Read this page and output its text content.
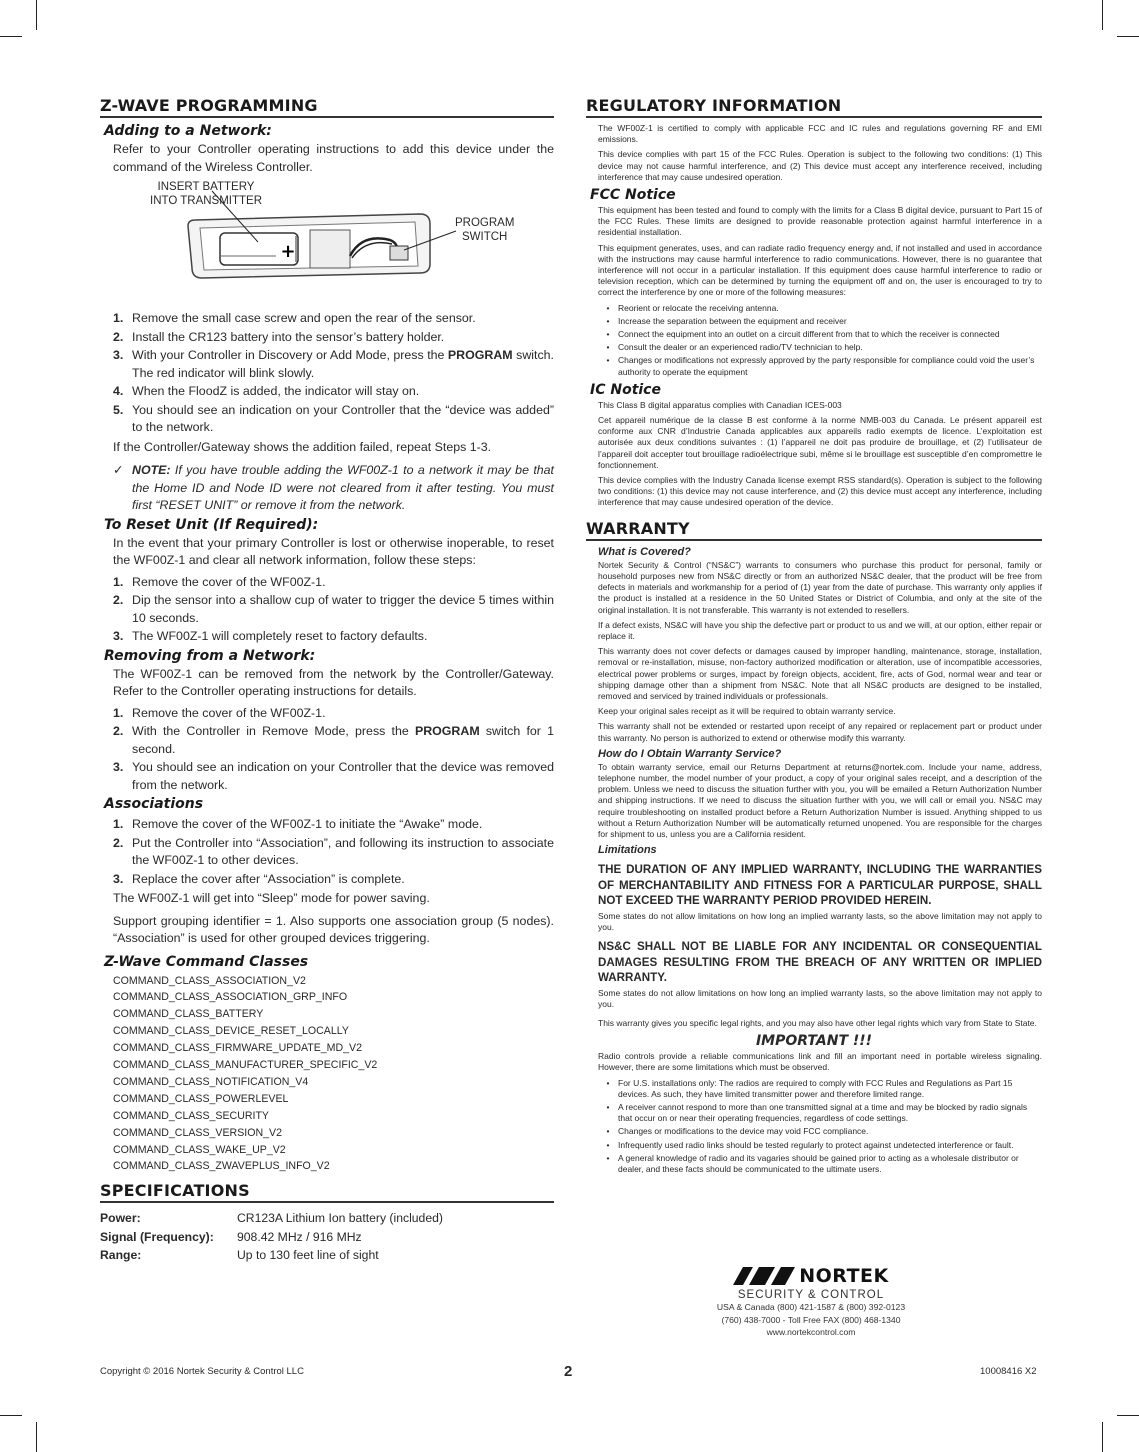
Z-WAVE PROGRAMMING
Adding to a Network:

Refer to your Controller operating instructions to add this device under the command of the Wireless Controller.

INSERT BATTERY
INTO TRANSMITTER
PROGRAM
SWITCH
+
1. Remove the small case screw and open the rear of the sensor.
2. Install the CR123 battery into the sensor’s battery holder.
3. With your Controller in Discovery or Add Mode, press the PROGRAM switch. The red indicator will blink slowly.
4. When the FloodZ is added, the indicator will stay on.
5. You should see an indication on your Controller that the “device was added” to the network.

If the Controller/Gateway shows the addition failed, repeat Steps 1-3.

✓ NOTE: If you have trouble adding the WF00Z-1 to a network it may be that the Home ID and Node ID were not cleared from it after testing. You must first “RESET UNIT” or remove it from the network.
To Reset Unit (If Required):

In the event that your primary Controller is lost or otherwise inoperable, to reset the WF00Z-1 and clear all network information, follow these steps:

1. Remove the cover of the WF00Z-1.
2. Dip the sensor into a shallow cup of water to trigger the device 5 times within 10 seconds.
3. The WF00Z-1 will completely reset to factory defaults.
Removing from a Network:

The WF00Z-1 can be removed from the network by the Controller/Gateway. Refer to the Controller operating instructions for details.

1. Remove the cover of the WF00Z-1.
2. With the Controller in Remove Mode, press the PROGRAM switch for 1 second.
3. You should see an indication on your Controller that the device was removed from the network.
Associations
1. Remove the cover of the WF00Z-1 to initiate the “Awake” mode.
2. Put the Controller into “Association”, and following its instruction to associate the WF00Z-1 to other devices.
3. Replace the cover after “Association” is complete.

The WF00Z-1 will get into “Sleep” mode for power saving.

Support grouping identifier = 1. Also supports one association group (5 nodes). “Association” is used for other grouped devices triggering.

Z-Wave Command Classes
COMMAND_CLASS_ASSOCIATION_V2
COMMAND_CLASS_ASSOCIATION_GRP_INFO
COMMAND_CLASS_BATTERY
COMMAND_CLASS_DEVICE_RESET_LOCALLY
COMMAND_CLASS_FIRMWARE_UPDATE_MD_V2
COMMAND_CLASS_MANUFACTURER_SPECIFIC_V2
COMMAND_CLASS_NOTIFICATION_V4
COMMAND_CLASS_POWERLEVEL
COMMAND_CLASS_SECURITY
COMMAND_CLASS_VERSION_V2
COMMAND_CLASS_WAKE_UP_V2
COMMAND_CLASS_ZWAVEPLUS_INFO_V2
SPECIFICATIONS
Power:	CR123A Lithium Ion battery (included)
Signal (Frequency):	908.42 MHz / 916 MHz
Range:	Up to 130 feet line of sight
REGULATORY INFORMATION

The WF00Z-1 is certified to comply with applicable FCC and IC rules and regulations governing RF and EMI emissions.

This device complies with part 15 of the FCC Rules. Operation is subject to the following two conditions: (1) This device may not cause harmful interference, and (2) This device must accept any interference received, including interference that may cause undesired operation.

FCC Notice

This equipment has been tested and found to comply with the limits for a Class B digital device, pursuant to Part 15 of the FCC Rules. These limits are designed to provide reasonable protection against harmful interference in a residential installation.

This equipment generates, uses, and can radiate radio frequency energy and, if not installed and used in accordance with the instructions may cause harmful interference to radio communications. However, there is no guarantee that interference will not occur in a particular installation. If this equipment does cause harmful interference to radio or television reception, which can be determined by turning the equipment off and on, the user is encouraged to try to correct the interference by one or more of the following measures:

•	Reorient or relocate the receiving antenna.
•	Increase the separation between the equipment and receiver
•	Connect the equipment into an outlet on a circuit different from that to which the receiver is connected
•	Consult the dealer or an experienced radio/TV technician to help.
•	Changes or modifications not expressly approved by the party responsible for compliance could void the user’s authority to operate the equipment
IC Notice

This Class B digital apparatus complies with Canadian ICES-003

Cet appareil numérique de la classe B est conforme à la norme NMB-003 du Canada. Le présent appareil est conforme aux CNR d’Industrie Canada applicables aux appareils radio exempts de licence. L’exploitation est autorisée aux deux conditions suivantes : (1) l’appareil ne doit pas produire de brouillage, et (2) l’utilisateur de l’appareil doit accepter tout brouillage radioélectrique subi, même si le brouillage est susceptible d’en compromettre le fonctionnement.

This device complies with the Industry Canada license exempt RSS standard(s). Operation is subject to the following two conditions: (1) this device may not cause interference, and (2) this device must accept any interference, including interference that may cause undesired operation of the device.

WARRANTY
What is Covered?

Nortek Security & Control (“NS&C”) warrants to consumers who purchase this product for personal, family or household purposes new from NS&C directly or from an authorized NS&C dealer, that the product will be free from defects in materials and workmanship for a period of (1) year from the date of purchase. This warranty only applies if the product is installed at a residence in the 50 United States or District of Columbia, and only at the site of the original installation. It is not transferable. This warranty is not extended to resellers.

If a defect exists, NS&C will have you ship the defective part or product to us and we will, at our option, either repair or replace it.

This warranty does not cover defects or damages caused by improper handling, maintenance, storage, installation, removal or re-installation, misuse, non-factory authorized modification or alteration, use of incompatible accessories, electrical power problems or surges, impact by foreign objects, accident, fire, acts of God, normal wear and tear or shipping damage other than a shipment from NS&C. Note that all NS&C products are designed to be installed, removed and serviced by trained individuals or professionals.

Keep your original sales receipt as it will be required to obtain warranty service.

This warranty shall not be extended or restarted upon receipt of any repaired or replacement part or product under this warranty. No person is authorized to extend or otherwise modify this warranty.

How do I Obtain Warranty Service?

To obtain warranty service, email our Returns Department at returns@nortek.com. Include your name, address, telephone number, the model number of your product, a copy of your original sales receipt, and a description of the problem. Unless we need to discuss the situation further with you, you will be emailed a Return Authorization Number and shipping instructions. If we need to discuss the situation further with you, we will call or email you. NS&C may require troubleshooting on installed product before a Return Authorization Number is issued. Anything shipped to us without a Return Authorization Number will be automatically returned unopened. You are responsible for the charges for shipment to us, unless you are a California resident.

Limitations

THE DURATION OF ANY IMPLIED WARRANTY, INCLUDING THE WARRANTIES OF MERCHANTABILITY AND FITNESS FOR A PARTICULAR PURPOSE, SHALL NOT EXCEED THE WARRANTY PERIOD PROVIDED HEREIN.

Some states do not allow limitations on how long an implied warranty lasts, so the above limitation may not apply to you.

NS&C SHALL NOT BE LIABLE FOR ANY INCIDENTAL OR CONSEQUENTIAL DAMAGES RESULTING FROM THE BREACH OF ANY WRITTEN OR IMPLIED WARRANTY.

Some states do not allow limitations on how long an implied warranty lasts, so the above limitation may not apply to you.

This warranty gives you specific legal rights, and you may also have other legal rights which vary from State to State.

IMPORTANT !!!

Radio controls provide a reliable communications link and fill an important need in portable wireless signaling. However, there are some limitations which must be observed.

•	For U.S. installations only: The radios are required to comply with FCC Rules and Regulations as Part 15 devices. As such, they have limited transmitter power and therefore limited range.
•	A receiver cannot respond to more than one transmitted signal at a time and may be blocked by radio signals that occur on or near their operating frequencies, regardless of code settings.
•	Changes or modifications to the device may void FCC compliance.
•	Infrequently used radio links should be tested regularly to protect against undetected interference or fault.
•	A general knowledge of radio and its vagaries should be gained prior to acting as a wholesale distributor or dealer, and these facts should be communicated to the ultimate users.
NORTEK
SECURITY & CONTROL
USA & Canada (800) 421-1587 & (800) 392-0123
(760) 438-7000 - Toll Free FAX (800) 468-1340
www.nortekcontrol.com
Copyright © 2016 Nortek Security & Control LLC	2	10008416 X2
